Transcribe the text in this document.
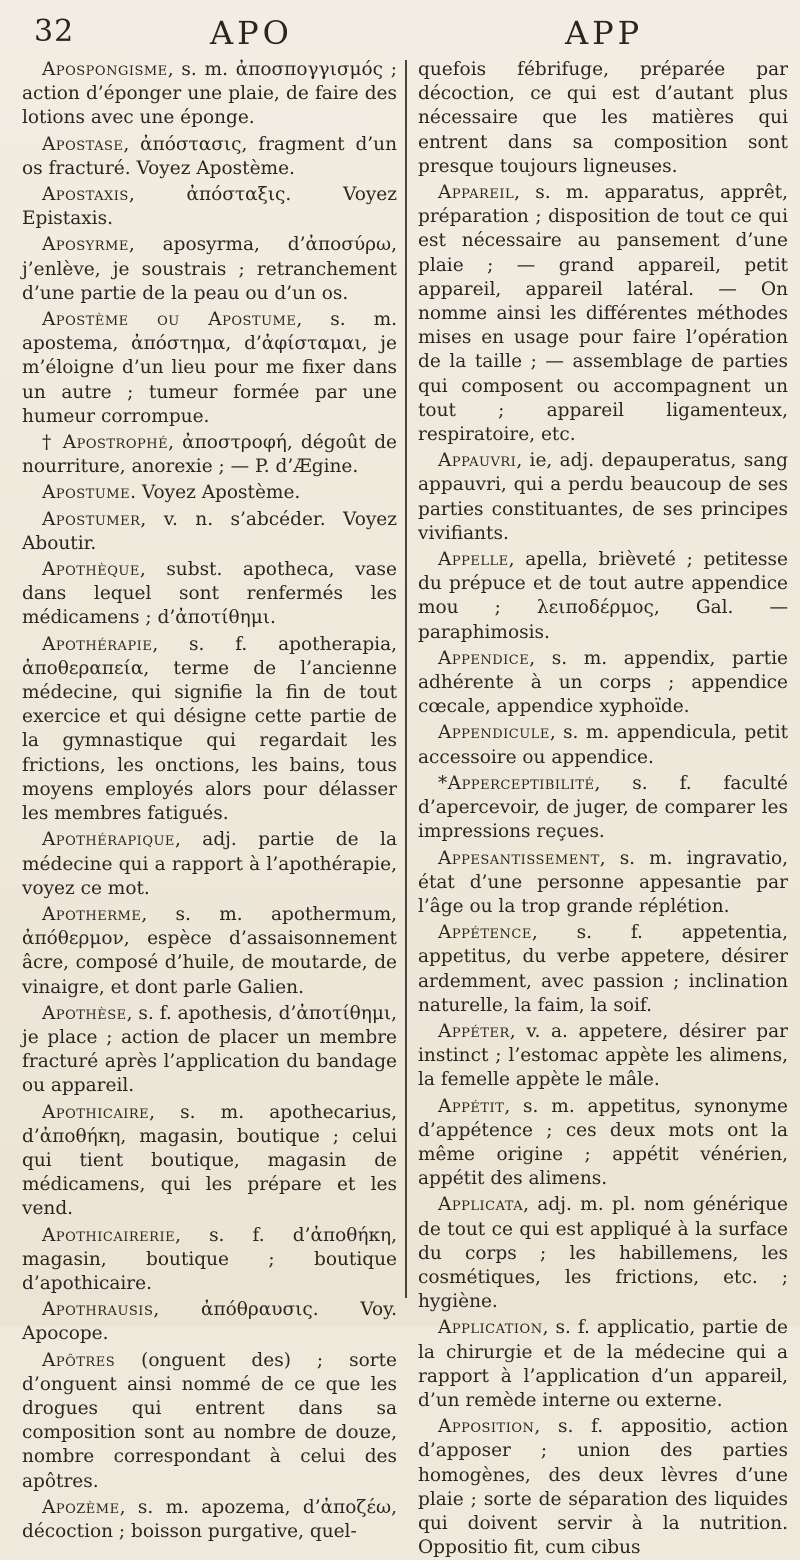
32	APO	APP

Apospongisme, s. m. ἀποσπογγισμός ; action d’éponger une plaie, de faire des lotions avec une éponge.

Apostase, ἀπόστασις, fragment d’un os fracturé. Voyez Apostème.

Apostaxis, ἀπόσταξις. Voyez Epistaxis.

Aposyrme, aposyrma, d’ἀποσύρω, j’enlève, je soustrais ; retranchement d’une partie de la peau ou d’un os.

Apostème ou Apostume, s. m. apostema, ἀπόστημα, d’ἀφίσταμαι, je m’éloigne d’un lieu pour me fixer dans un autre ; tumeur formée par une humeur corrompue.

† Apostrophé, ἀποστροφή, dégoût de nourriture, anorexie ; — P. d’Ægine.

Apostume. Voyez Apostème.

Apostumer, v. n. s’abcéder. Voyez Aboutir.

Apothèque, subst. apotheca, vase dans lequel sont renfermés les médicamens ; d’ἀποτίθημι.

Apothérapie, s. f. apotherapia, ἀποθεραπεία, terme de l’ancienne médecine, qui signifie la fin de tout exercice et qui désigne cette partie de la gymnastique qui regardait les frictions, les onctions, les bains, tous moyens employés alors pour délasser les membres fatigués.

Apothérapique, adj. partie de la médecine qui a rapport à l’apothérapie, voyez ce mot.

Apotherme, s. m. apothermum, ἀπόθερμον, espèce d’assaisonnement âcre, composé d’huile, de moutarde, de vinaigre, et dont parle Galien.

Apothèse, s. f. apothesis, d’ἀποτίθημι, je place ; action de placer un membre fracturé après l’application du bandage ou appareil.

Apothicaire, s. m. apothecarius, d’ἀποθήκη, magasin, boutique ; celui qui tient boutique, magasin de médicamens, qui les prépare et les vend.

Apothicairerie, s. f. d’ἀποθήκη, magasin, boutique ; boutique d’apothicaire.

Apothrausis, ἀπόθραυσις. Voy. Apocope.

Apôtres (onguent des) ; sorte d’onguent ainsi nommé de ce que les drogues qui entrent dans sa composition sont au nombre de douze, nombre correspondant à celui des apôtres.

Apozème, s. m. apozema, d’ἀποζέω, décoction ; boisson purgative, quel-

quefois fébrifuge, préparée par décoction, ce qui est d’autant plus nécessaire que les matières qui entrent dans sa composition sont presque toujours ligneuses.

Appareil, s. m. apparatus, apprêt, préparation ; disposition de tout ce qui est nécessaire au pansement d’une plaie ; — grand appareil, petit appareil, appareil latéral. — On nomme ainsi les différentes méthodes mises en usage pour faire l’opération de la taille ; — assemblage de parties qui composent ou accompagnent un tout ; appareil ligamenteux, respiratoire, etc.

Appauvri, ie, adj. depauperatus, sang appauvri, qui a perdu beaucoup de ses parties constituantes, de ses principes vivifiants.

Appelle, apella, brièveté ; petitesse du prépuce et de tout autre appendice mou ; λειποδέρμος, Gal. — paraphimosis.

Appendice, s. m. appendix, partie adhérente à un corps ; appendice cœcale, appendice xyphoïde.

Appendicule, s. m. appendicula, petit accessoire ou appendice.

*Apperceptibilité, s. f. faculté d’apercevoir, de juger, de comparer les impressions reçues.

Appesantissement, s. m. ingravatio, état d’une personne appesantie par l’âge ou la trop grande réplétion.

Appétence, s. f. appetentia, appetitus, du verbe appetere, désirer ardemment, avec passion ; inclination naturelle, la faim, la soif.

Appéter, v. a. appetere, désirer par instinct ; l’estomac appète les alimens, la femelle appète le mâle.

Appétit, s. m. appetitus, synonyme d’appétence ; ces deux mots ont la même origine ; appétit vénérien, appétit des alimens.

Applicata, adj. m. pl. nom générique de tout ce qui est appliqué à la surface du corps ; les habillemens, les cosmétiques, les frictions, etc. ; hygiène.

Application, s. f. applicatio, partie de la chirurgie et de la médecine qui a rapport à l’application d’un appareil, d’un remède interne ou externe.

Apposition, s. f. appositio, action d’apposer ; union des parties homogènes, des deux lèvres d’une plaie ; sorte de séparation des liquides qui doivent servir à la nutrition. Oppositio fit, cum cibus
